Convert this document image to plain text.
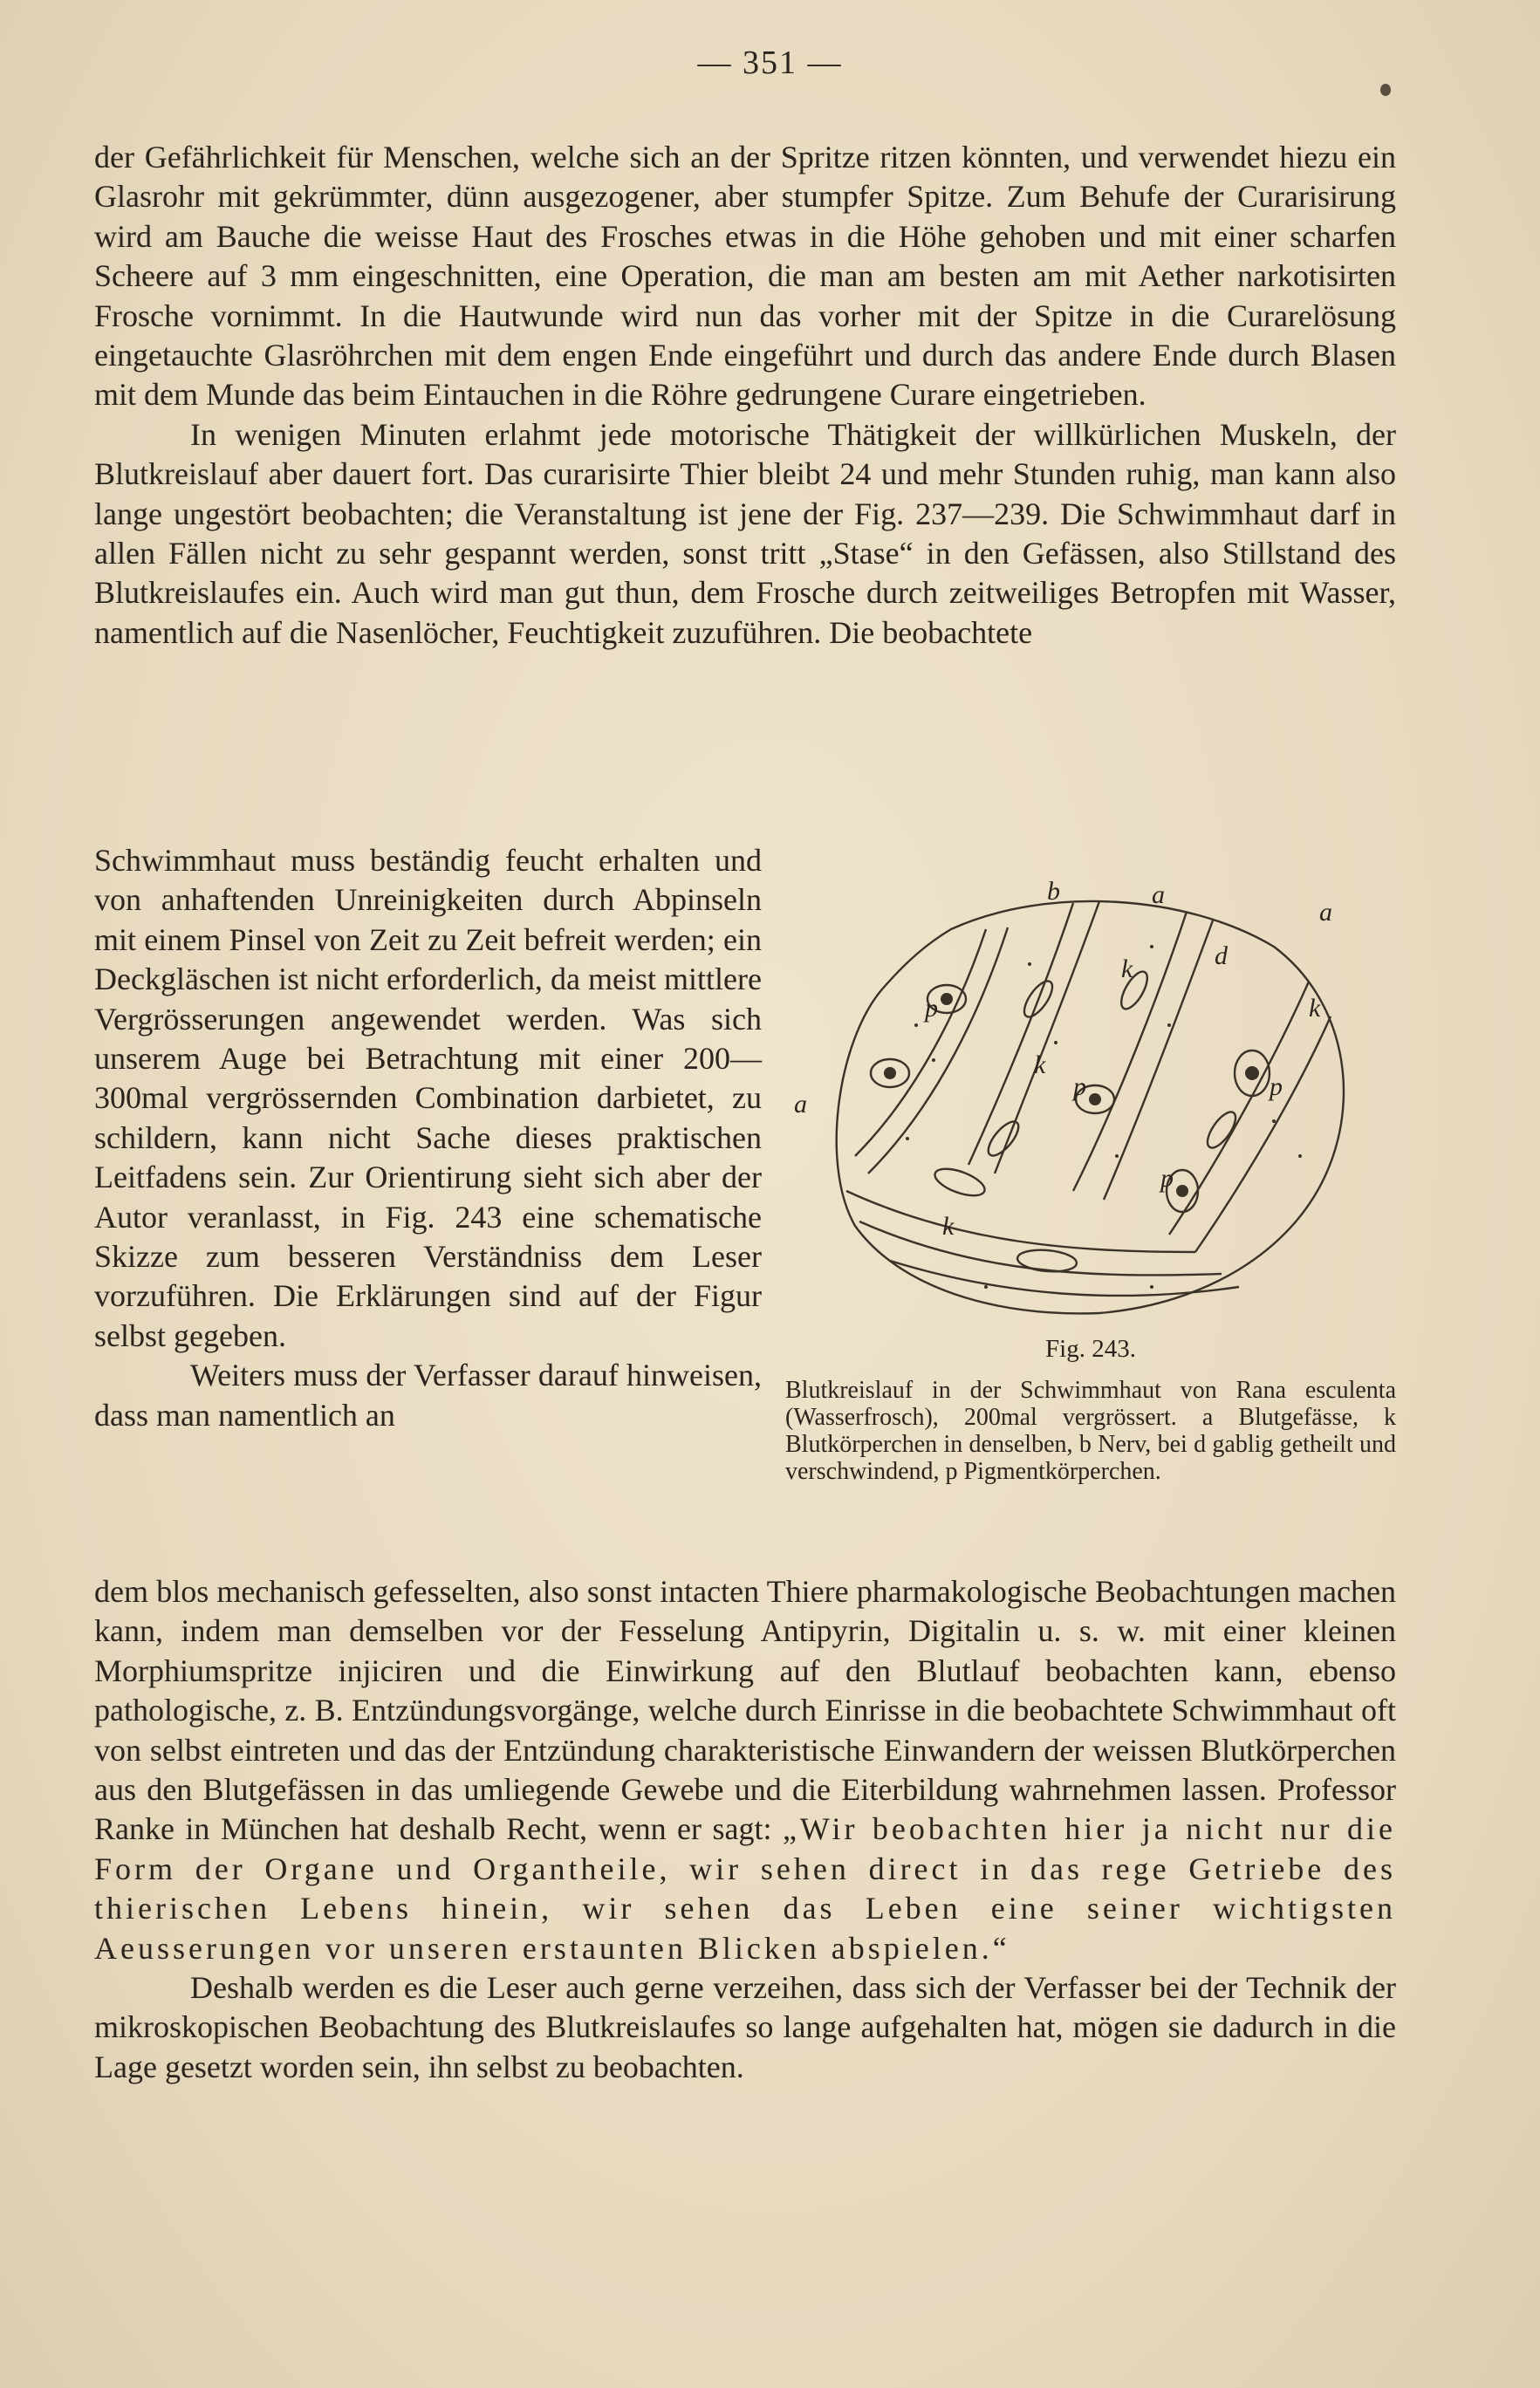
— 351 —

der Gefährlichkeit für Menschen, welche sich an der Spritze ritzen könnten, und verwendet hiezu ein Glasrohr mit gekrümmter, dünn ausgezogener, aber stumpfer Spitze. Zum Behufe der Curarisirung wird am Bauche die weisse Haut des Frosches etwas in die Höhe gehoben und mit einer scharfen Scheere auf 3 mm eingeschnitten, eine Operation, die man am besten am mit Aether narkotisirten Frosche vornimmt. In die Hautwunde wird nun das vorher mit der Spitze in die Curarelösung eingetauchte Glasröhrchen mit dem engen Ende eingeführt und durch das andere Ende durch Blasen mit dem Munde das beim Eintauchen in die Röhre gedrungene Curare eingetrieben.

In wenigen Minuten erlahmt jede motorische Thätigkeit der willkürlichen Muskeln, der Blutkreislauf aber dauert fort. Das curarisirte Thier bleibt 24 und mehr Stunden ruhig, man kann also lange ungestört beobachten; die Veranstaltung ist jene der Fig. 237—239. Die Schwimmhaut darf in allen Fällen nicht zu sehr gespannt werden, sonst tritt „Stase“ in den Gefässen, also Stillstand des Blutkreislaufes ein. Auch wird man gut thun, dem Frosche durch zeitweiliges Betropfen mit Wasser, namentlich auf die Nasenlöcher, Feuchtigkeit zuzuführen. Die beobachtete

Schwimmhaut muss beständig feucht erhalten und von anhaftenden Unreinigkeiten durch Abpinseln mit einem Pinsel von Zeit zu Zeit befreit werden; ein Deckgläschen ist nicht erforderlich, da meist mittlere Vergrösserungen angewendet werden. Was sich unserem Auge bei Betrachtung mit einer 200—300mal vergrössernden Combination darbietet, zu schildern, kann nicht Sache dieses praktischen Leitfadens sein. Zur Orientirung sieht sich aber der Autor veranlasst, in Fig. 243 eine schematische Skizze zum besseren Verständniss dem Leser vorzuführen. Die Erklärungen sind auf der Figur selbst gegeben.

Weiters muss der Verfasser darauf hinweisen, dass man namentlich an

dem blos mechanisch gefesselten, also sonst intacten Thiere pharmakologische Beobachtungen machen kann, indem man demselben vor der Fesselung Antipyrin, Digitalin u. s. w. mit einer kleinen Morphiumspritze injiciren und die Einwirkung auf den Blutlauf beobachten kann, ebenso pathologische, z. B. Entzündungsvorgänge, welche durch Einrisse in die beobachtete Schwimmhaut oft von selbst eintreten und das der Entzündung charakteristische Einwandern der weissen Blutkörperchen aus den Blutgefässen in das umliegende Gewebe und die Eiterbildung wahrnehmen lassen. Professor Ranke in München hat deshalb Recht, wenn er sagt: „Wir beobachten hier ja nicht nur die Form der Organe und Organtheile, wir sehen direct in das rege Getriebe des thierischen Lebens hinein, wir sehen das Leben eine seiner wichtigsten Aeusserungen vor unseren erstaunten Blicken abspielen.“

Deshalb werden es die Leser auch gerne verzeihen, dass sich der Verfasser bei der Technik der mikroskopischen Beobachtung des Blutkreislaufes so lange aufgehalten hat, mögen sie dadurch in die Lage gesetzt worden sein, ihn selbst zu beobachten.

b	a
a
a
d
k
k
k
k
p
p
p
p
Fig. 243.
Blutkreislauf in der Schwimmhaut von Rana esculenta (Wasserfrosch), 200mal vergrössert. a Blutgefässe, k Blutkörperchen in denselben, b Nerv, bei d gablig getheilt und verschwindend, p Pigmentkörperchen.
